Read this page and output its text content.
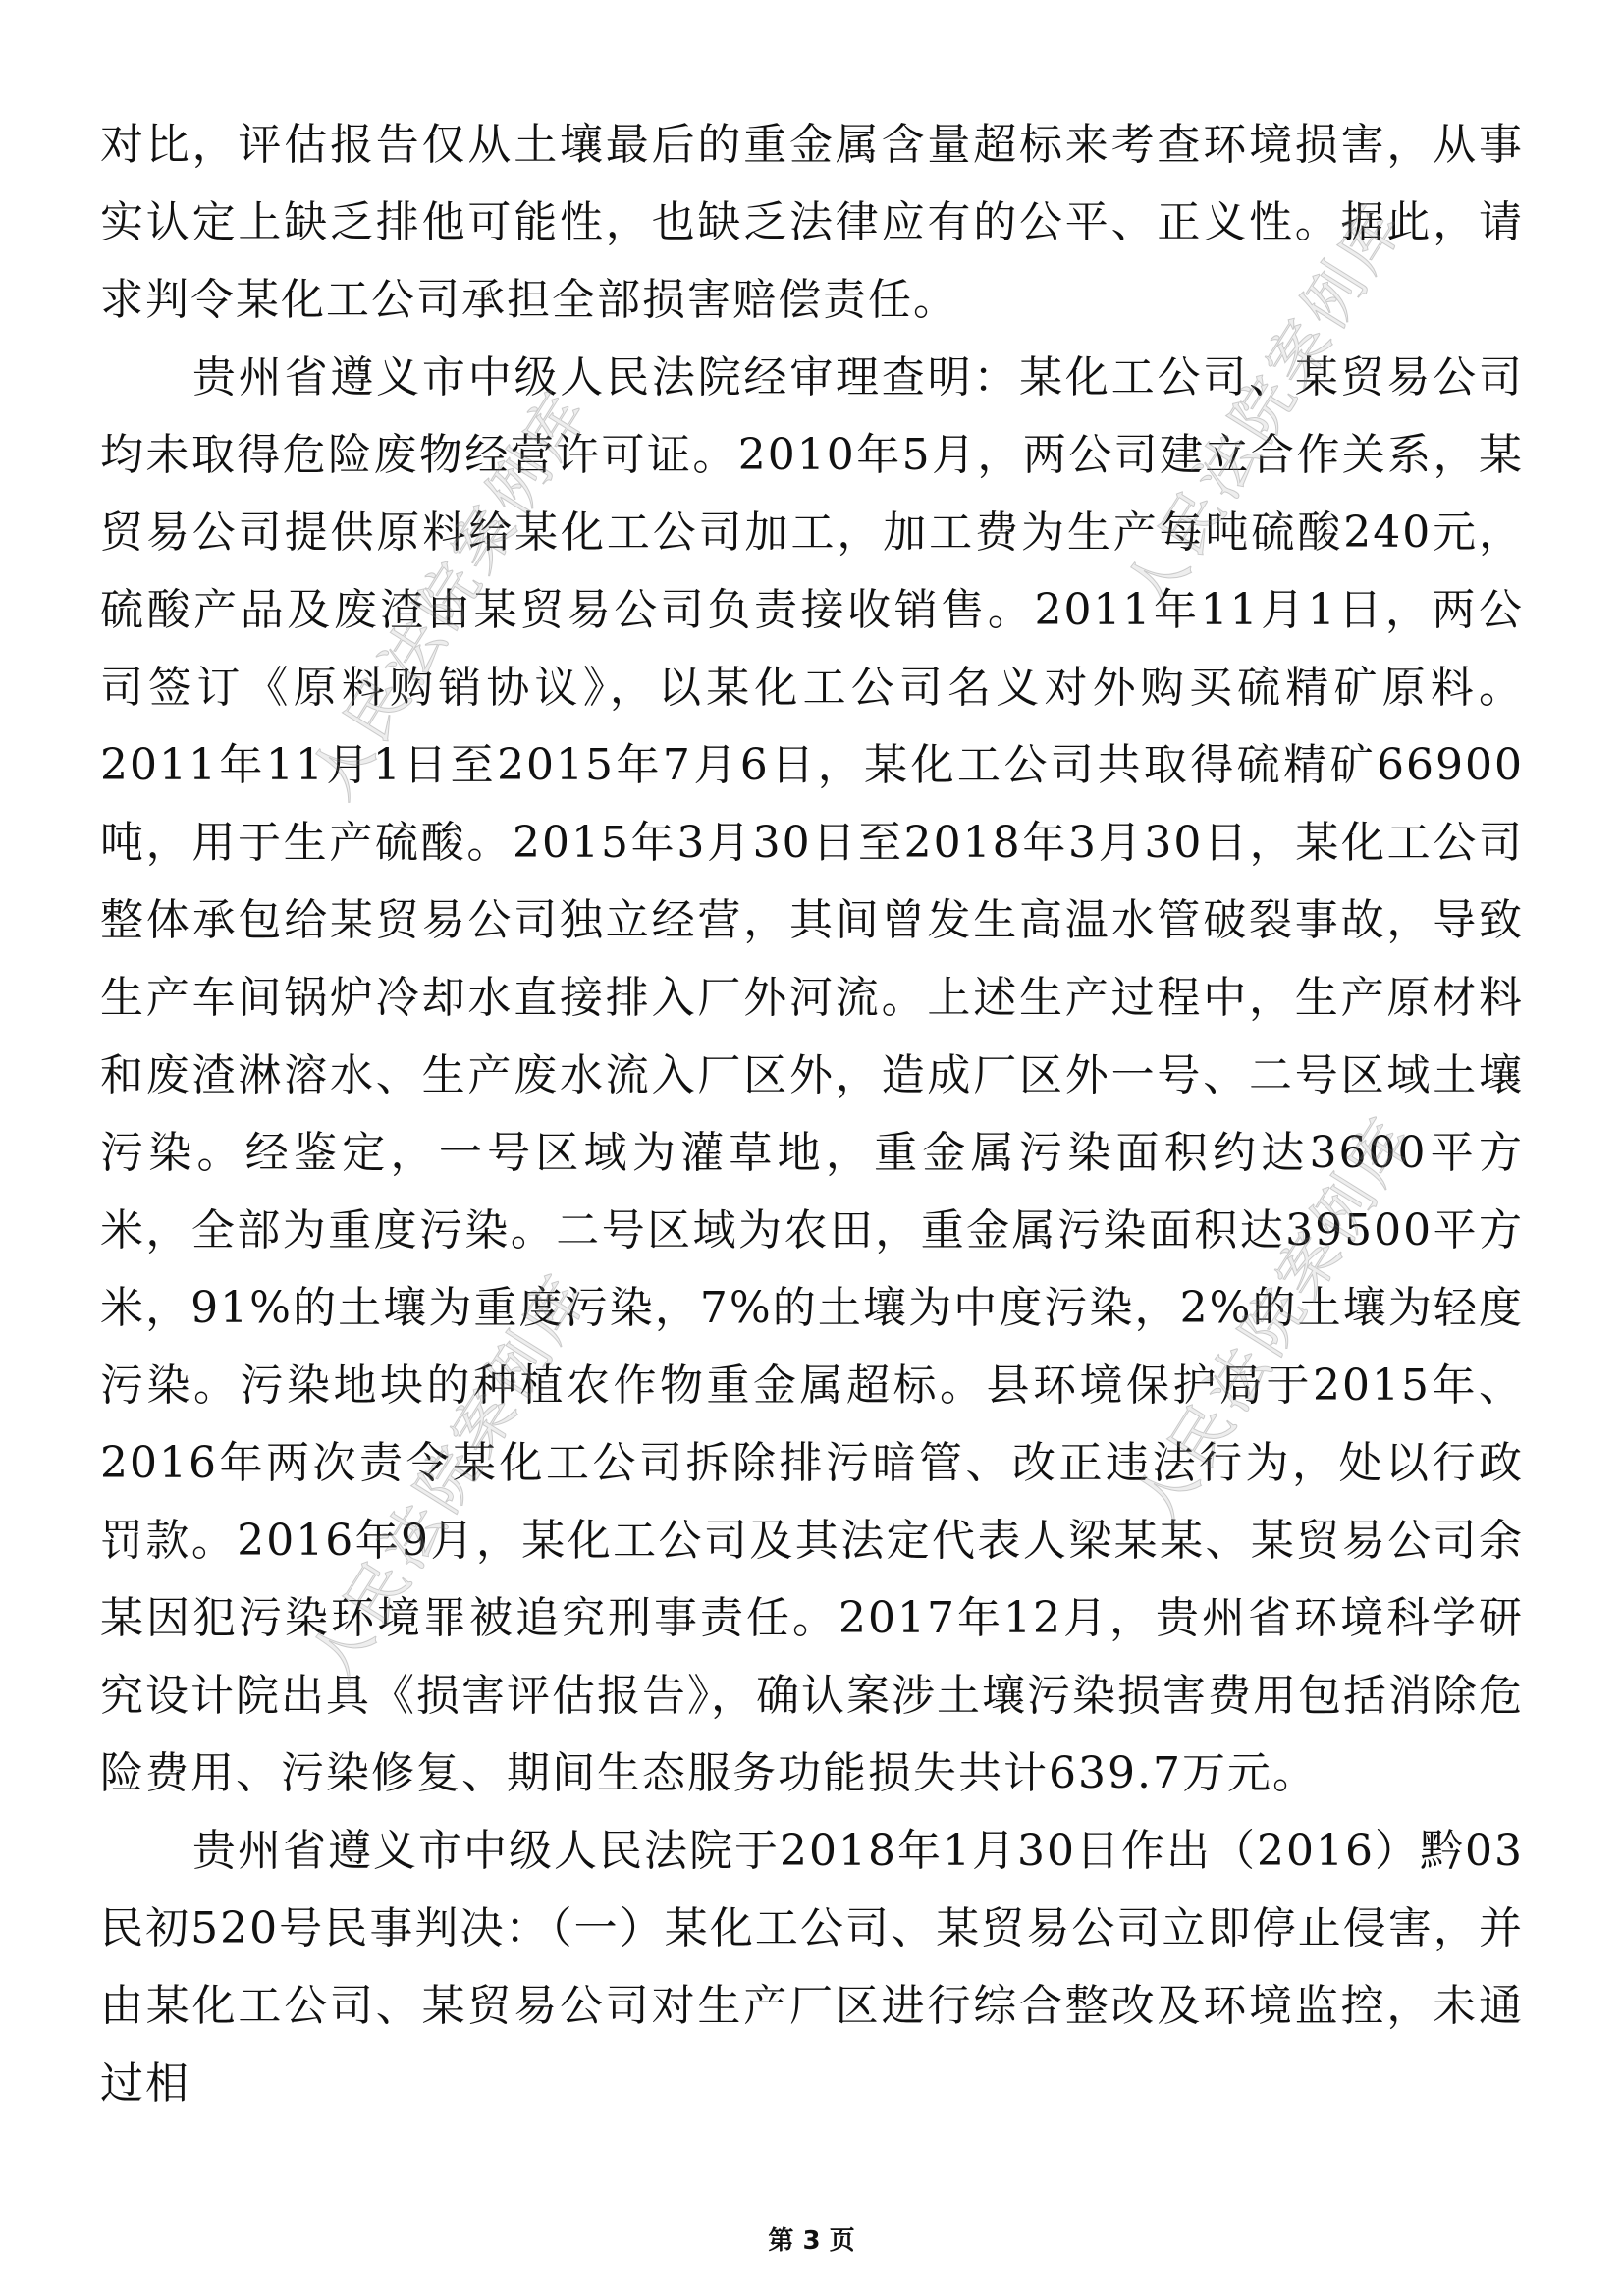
对比，评估报告仅从土壤最后的重金属含量超标来考查环境损害，从事实认定上缺乏排他可能性，也缺乏法律应有的公平、正义性。据此，请求判令某化工公司承担全部损害赔偿责任。

贵州省遵义市中级人民法院经审理查明：某化工公司、某贸易公司均未取得危险废物经营许可证。2010年5月，两公司建立合作关系，某贸易公司提供原料给某化工公司加工，加工费为生产每吨硫酸240元，硫酸产品及废渣由某贸易公司负责接收销售。2011年11月1日，两公司签订《原料购销协议》，以某化工公司名义对外购买硫精矿原料。2011年11月1日至2015年7月6日，某化工公司共取得硫精矿66900吨，用于生产硫酸。2015年3月30日至2018年3月30日，某化工公司整体承包给某贸易公司独立经营，其间曾发生高温水管破裂事故，导致生产车间锅炉冷却水直接排入厂外河流。上述生产过程中，生产原材料和废渣淋溶水、生产废水流入厂区外，造成厂区外一号、二号区域土壤污染。经鉴定，一号区域为灌草地，重金属污染面积约达3600平方米，全部为重度污染。二号区域为农田，重金属污染面积达39500平方米，91%的土壤为重度污染，7%的土壤为中度污染，2%的土壤为轻度污染。污染地块的种植农作物重金属超标。县环境保护局于2015年、2016年两次责令某化工公司拆除排污暗管、改正违法行为，处以行政罚款。2016年9月，某化工公司及其法定代表人梁某某、某贸易公司余某因犯污染环境罪被追究刑事责任。2017年12月，贵州省环境科学研究设计院出具《损害评估报告》，确认案涉土壤污染损害费用包括消除危险费用、污染修复、期间生态服务功能损失共计639.7万元。

贵州省遵义市中级人民法院于2018年1月30日作出（2016）黔03民初520号民事判决：（一）某化工公司、某贸易公司立即停止侵害，并由某化工公司、某贸易公司对生产厂区进行综合整改及环境监控，未通过相

人民法院案例库	人民法院案例库
人民法院案例库	人民法院案例库
第 3 页
